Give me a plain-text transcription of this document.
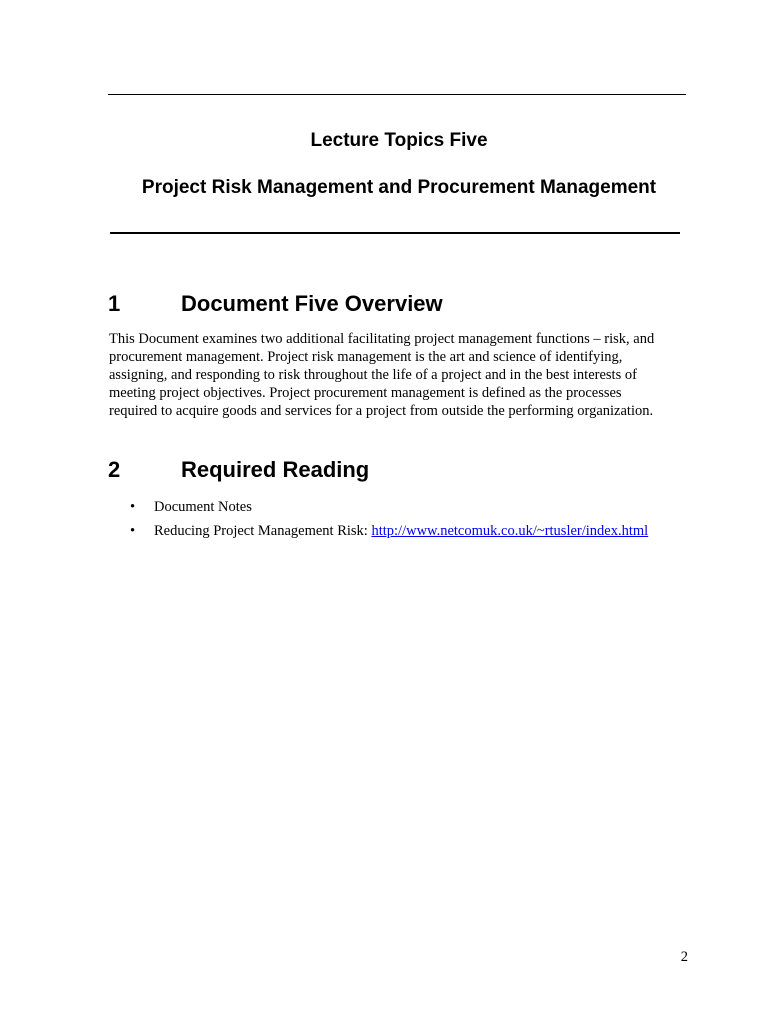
Lecture Topics Five
Project Risk Management and Procurement Management
1	Document Five Overview

This Document examines two additional facilitating project management functions – risk, and
procurement management. Project risk management is the art and science of identifying,
assigning, and responding to risk throughout the life of a project and in the best interests of
meeting project objectives. Project procurement management is defined as the processes
required to acquire goods and services for a project from outside the performing organization.

2	Required Reading
• Document Notes
• Reducing Project Management Risk: http://www.netcomuk.co.uk/~rtusler/index.html
2
